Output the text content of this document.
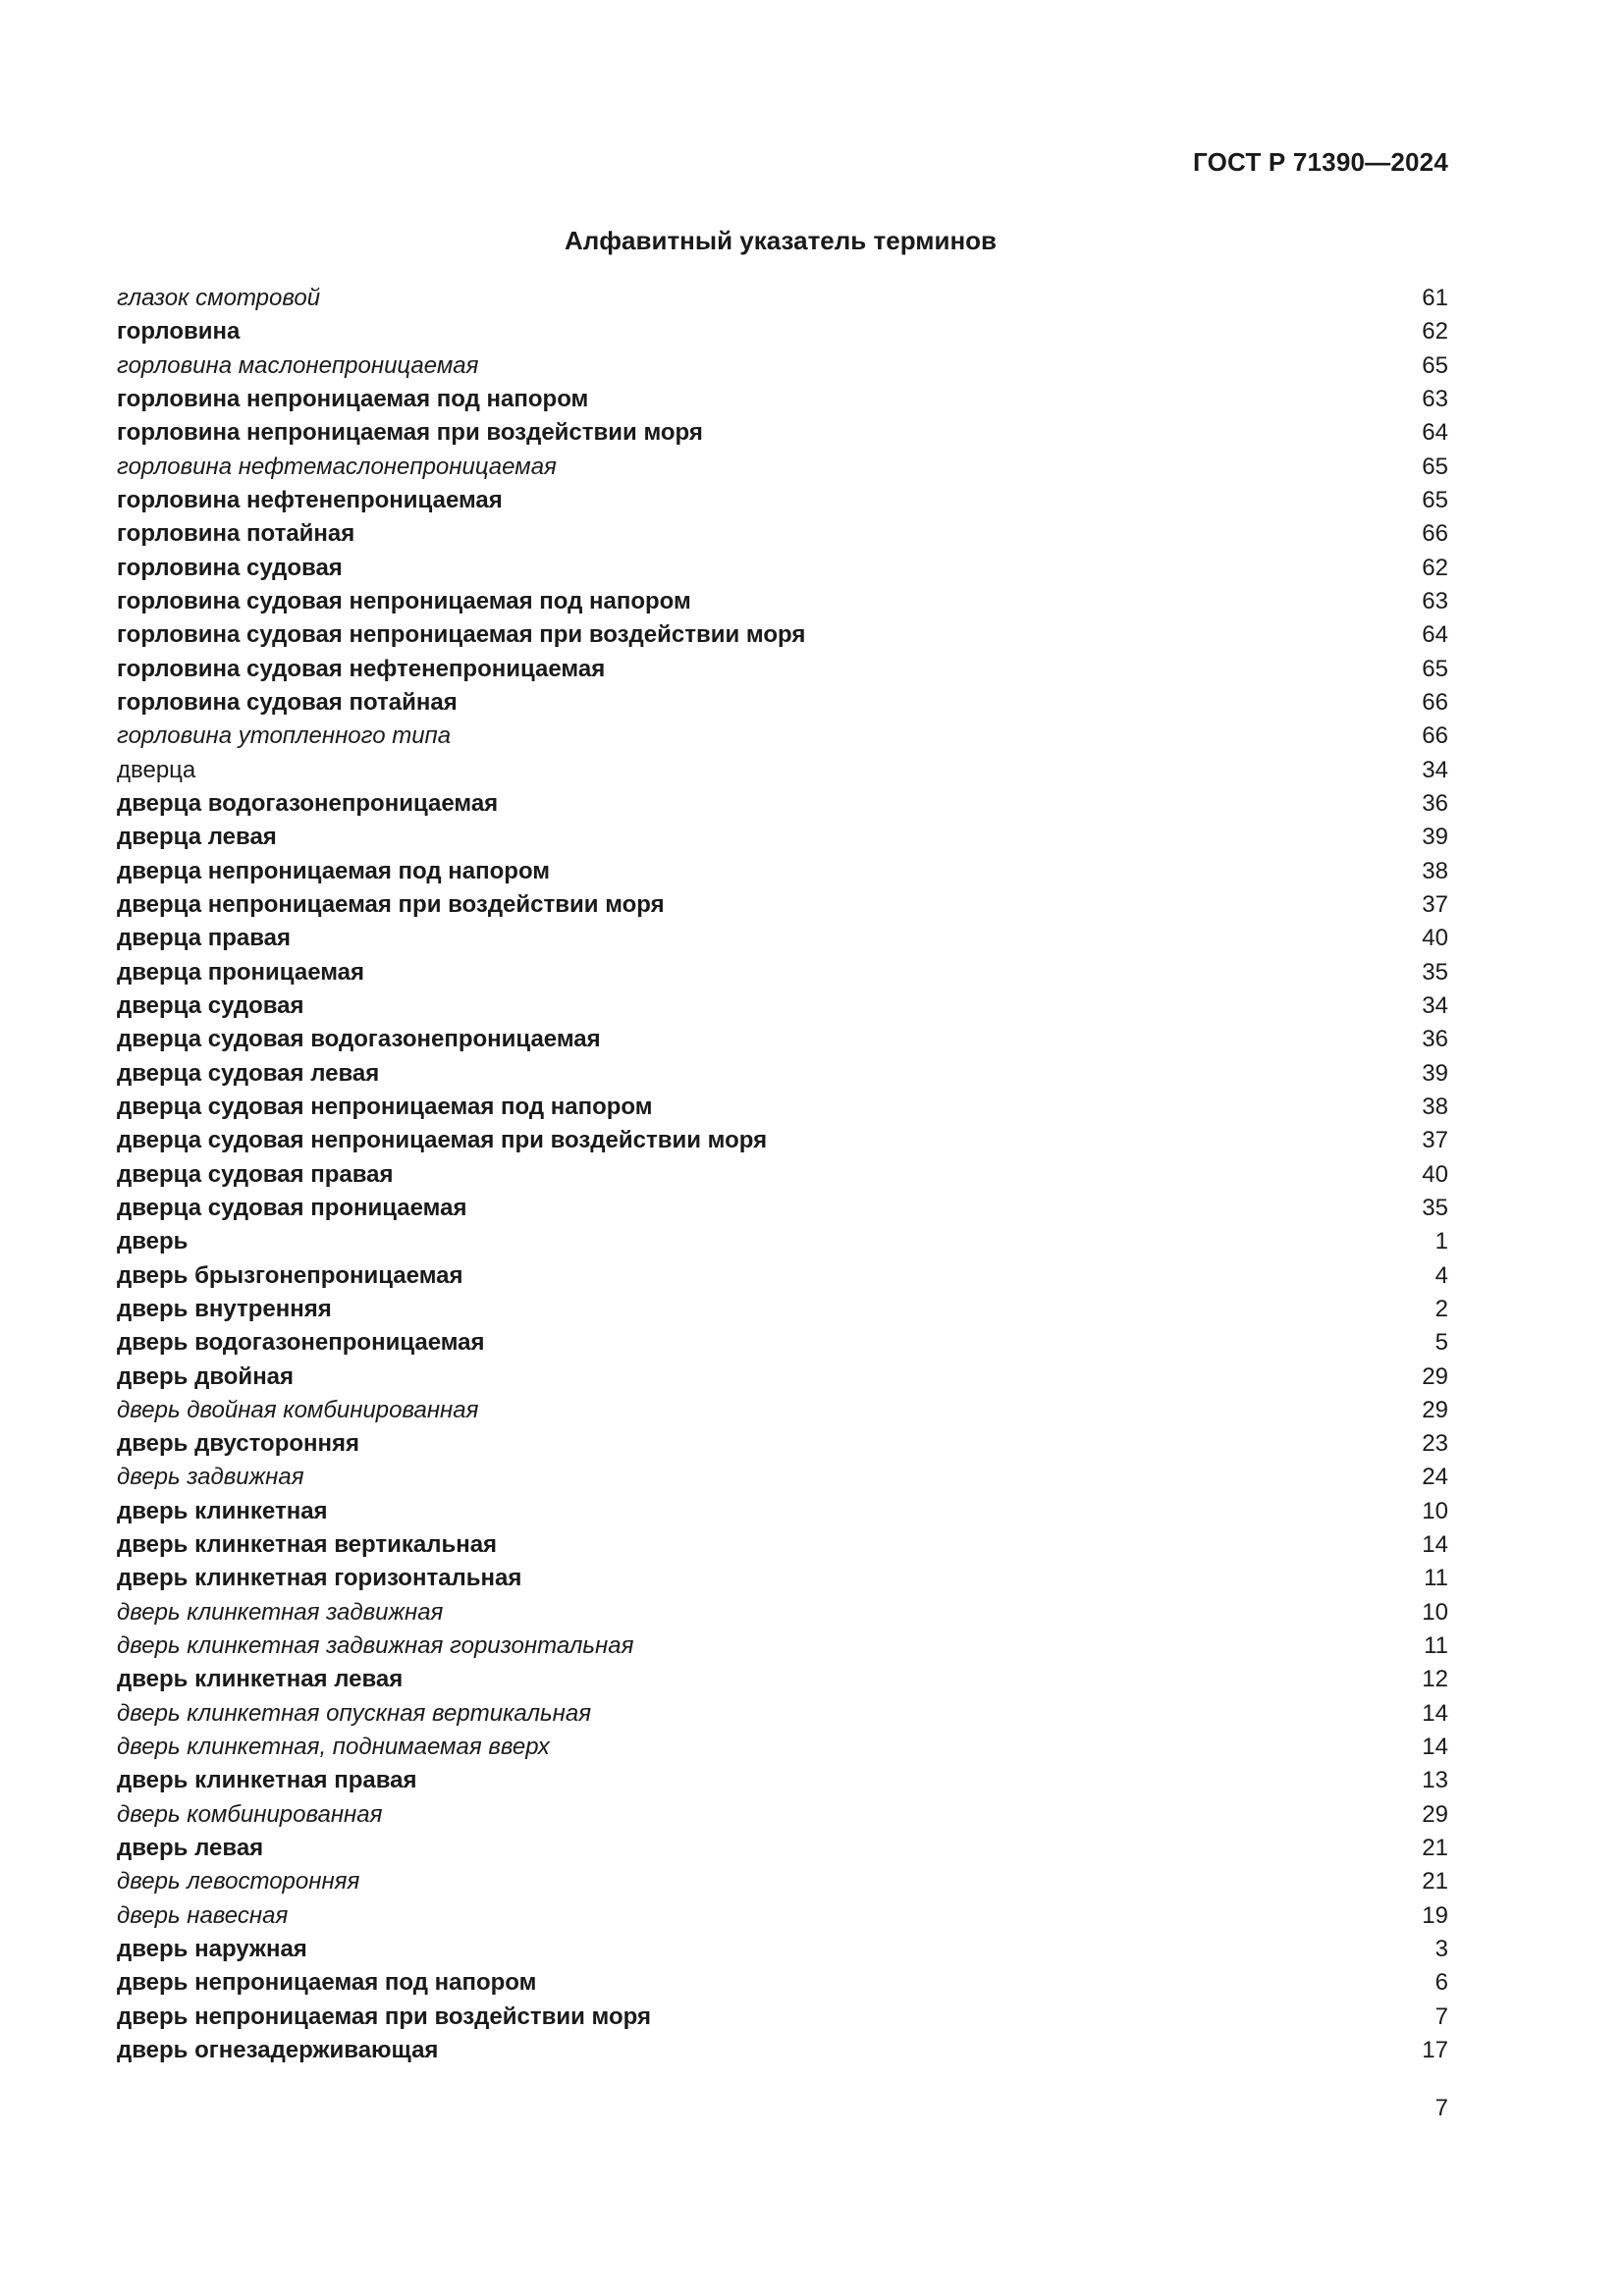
ГОСТ Р 71390—2024
Алфавитный указатель терминов
глазок смотровой	61
горловина	62
горловина маслонепроницаемая	65
горловина непроницаемая под напором	63
горловина непроницаемая при воздействии моря	64
горловина нефтемаслонепроницаемая	65
горловина нефтенепроницаемая	65
горловина потайная	66
горловина судовая	62
горловина судовая непроницаемая под напором	63
горловина судовая непроницаемая при воздействии моря	64
горловина судовая нефтенепроницаемая	65
горловина судовая потайная	66
горловина утопленного типа	66
дверца	34
дверца водогазонепроницаемая	36
дверца левая	39
дверца непроницаемая под напором	38
дверца непроницаемая при воздействии моря	37
дверца правая	40
дверца проницаемая	35
дверца судовая	34
дверца судовая водогазонепроницаемая	36
дверца судовая левая	39
дверца судовая непроницаемая под напором	38
дверца судовая непроницаемая при воздействии моря	37
дверца судовая правая	40
дверца судовая проницаемая	35
дверь	1
дверь брызгонепроницаемая	4
дверь внутренняя	2
дверь водогазонепроницаемая	5
дверь двойная	29
дверь двойная комбинированная	29
дверь двусторонняя	23
дверь задвижная	24
дверь клинкетная	10
дверь клинкетная вертикальная	14
дверь клинкетная горизонтальная	11
дверь клинкетная задвижная	10
дверь клинкетная задвижная горизонтальная	11
дверь клинкетная левая	12
дверь клинкетная опускная вертикальная	14
дверь клинкетная, поднимаемая вверх	14
дверь клинкетная правая	13
дверь комбинированная	29
дверь левая	21
дверь левосторонняя	21
дверь навесная	19
дверь наружная	3
дверь непроницаемая под напором	6
дверь непроницаемая при воздействии моря	7
дверь огнезадерживающая	17
7
